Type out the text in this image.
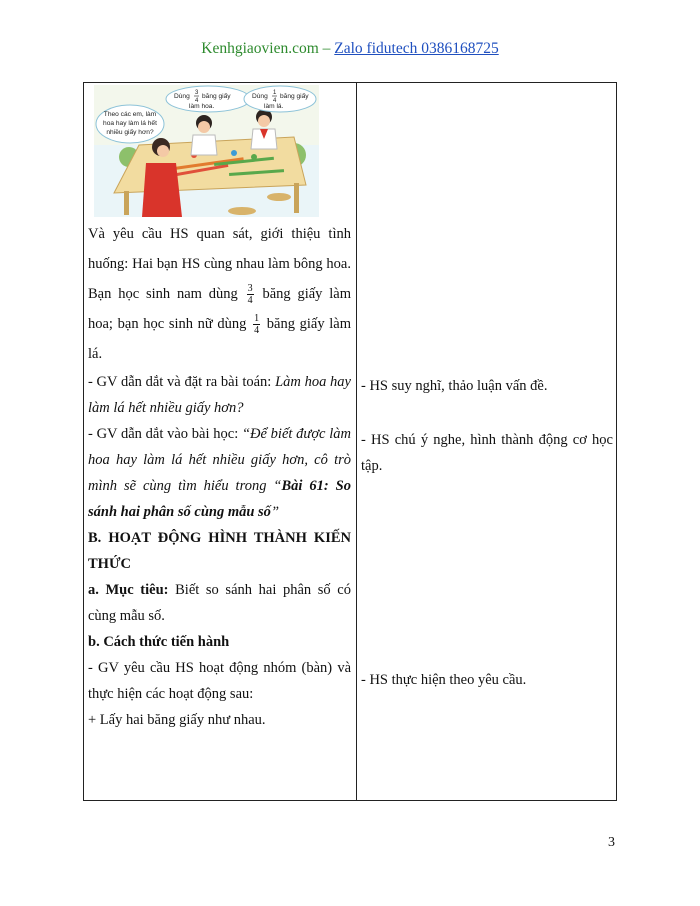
Kenhgiaovien.com – Zalo fidutech 0386168725
Theo các em, làm
hoa hay làm lá hết
nhiều giấy hơn?
Dùng 3
4
băng giấy
làm hoa.
Dùng 1
4
băng giấy
làm lá.

Và yêu cầu HS quan sát, giới thiệu tình huống: Hai bạn HS cùng nhau làm bông hoa. Bạn học sinh nam dùng $\frac{3}{4}$ băng giấy làm hoa; bạn học sinh nữ dùng $\frac{1}{4}$ băng giấy làm lá.

- GV dẫn dắt và đặt ra bài toán: Làm hoa hay làm lá hết nhiều giấy hơn?

- GV dẫn dắt vào bài học: “Để biết được làm hoa hay làm lá hết nhiều giấy hơn, cô trò mình sẽ cùng tìm hiểu trong “Bài 61: So sánh hai phân số cùng mẫu số”

B. HOẠT ĐỘNG HÌNH THÀNH KIẾN THỨC

a. Mục tiêu: Biết so sánh hai phân số có cùng mẫu số.

b. Cách thức tiến hành

- GV yêu cầu HS hoạt động nhóm (bàn) và thực hiện các hoạt động sau:

+ Lấy hai băng giấy như nhau.

- HS suy nghĩ, thảo luận vấn đề.

- HS chú ý nghe, hình thành động cơ học tập.

- HS thực hiện theo yêu cầu.

3
